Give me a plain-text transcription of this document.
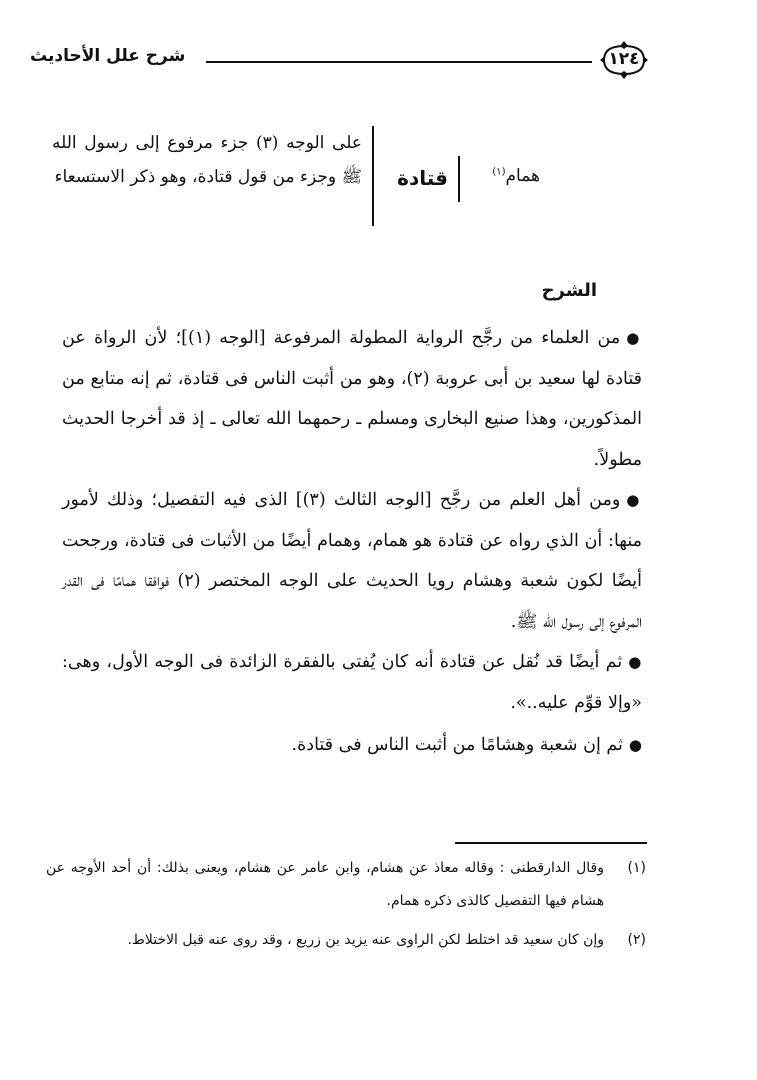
شرح علل الأحاديث	١٢٤
همام$^{(١)}$
قتادة
على الوجه (٣) جزء مرفوع إلى رسول الله ﷺ وجزء من قول قتادة، وهو ذكر الاستسعاء
الشرح

●من العلماء من رجَّح الرواية المطولة المرفوعة [الوجه (١)]؛ لأن الرواة عن قتادة لها سعيد بن أبى عروبة (٢)، وهو من أثبت الناس فى قتادة، ثم إنه متابع من المذكورين، وهذا صنيع البخارى ومسلم ـ رحمهما الله تعالى ـ إذ قد أخرجا الحديث مطولاً.

●ومن أهل العلم من رجَّح [الوجه الثالث (٣)] الذى فيه التفصيل؛ وذلك لأمور منها: أن الذي رواه عن قتادة هو همام، وهمام أيضًا من الأثبات فى قتادة، ورجحت أيضًا لكون شعبة وهشام رويا الحديث على الوجه المختصر (٢) فوافقا همامًا فى القدر المرفوع إلى رسول الله ﷺ.

●ثم أيضًا قد نُقل عن قتادة أنه كان يُفتى بالفقرة الزائدة فى الوجه الأول، وهى: «وإلا قوِّم عليه..».

●ثم إن شعبة وهشامًا من أثبت الناس فى قتادة.

(١)
وقال الدارقطنى : وقاله معاذ عن هشام، وابن عامر عن هشام، ويعنى بذلك: أن أحد الأوجه عن هشام فيها التفصيل كالذى ذكره همام.
(٢)
وإن كان سعيد قد اختلط لكن الراوى عنه يزيد بن زريع ، وقد روى عنه قبل الاختلاط.
